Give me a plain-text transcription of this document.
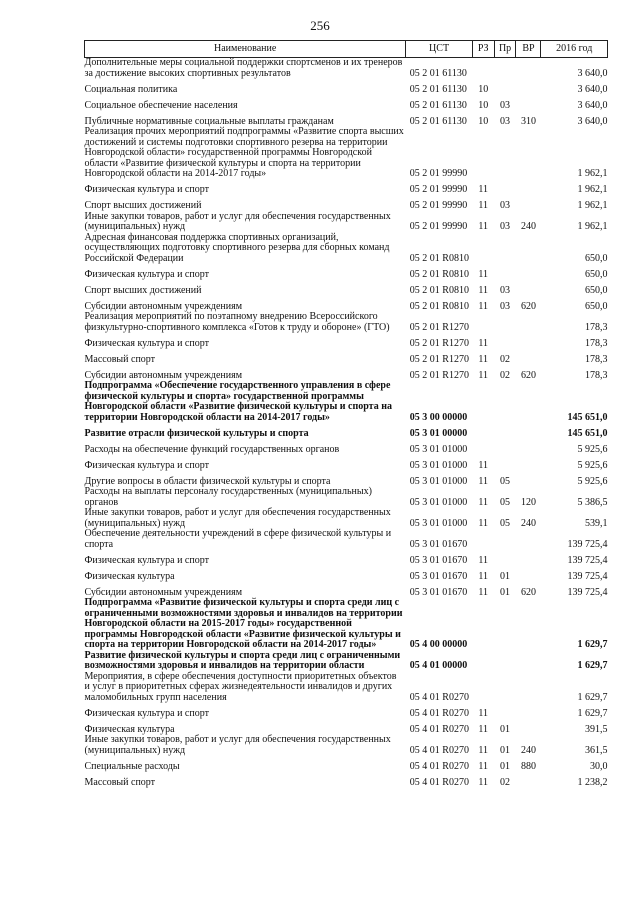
256
Наименование	ЦСТ	РЗ	Пр	ВР	2016 год
Дополнительные меры социальной поддержки спортсменов и их тренеров за достижение высоких спортивных результатов	05 2 01 61130				3 640,0
Социальная политика	05 2 01 61130	10			3 640,0
Социальное обеспечение населения	05 2 01 61130	10	03		3 640,0
Публичные нормативные социальные выплаты гражданам	05 2 01 61130	10	03	310	3 640,0
Реализация прочих мероприятий подпрограммы «Развитие спорта высших достижений и системы подготовки спортивного резерва на территории Новгородской области» государственной программы Новгородской области «Развитие физической культуры и спорта на территории Новгородской области на 2014-2017 годы»	05 2 01 99990				1 962,1
Физическая культура и спорт	05 2 01 99990	11			1 962,1
Спорт высших достижений	05 2 01 99990	11	03		1 962,1
Иные закупки товаров, работ и услуг для обеспечения государственных (муниципальных) нужд	05 2 01 99990	11	03	240	1 962,1
Адресная финансовая поддержка спортивных организаций, осуществляющих подготовку спортивного резерва для сборных команд Российской Федерации	05 2 01 R0810				650,0
Физическая культура и спорт	05 2 01 R0810	11			650,0
Спорт высших достижений	05 2 01 R0810	11	03		650,0
Субсидии автономным учреждениям	05 2 01 R0810	11	03	620	650,0
Реализация мероприятий по поэтапному внедрению Всероссийского физкультурно-спортивного комплекса «Готов к труду и обороне» (ГТО)	05 2 01 R1270				178,3
Физическая культура и спорт	05 2 01 R1270	11			178,3
Массовый спорт	05 2 01 R1270	11	02		178,3
Субсидии автономным учреждениям	05 2 01 R1270	11	02	620	178,3
Подпрограмма «Обеспечение государственного управления в сфере физической культуры и спорта» государственной программы Новгородской области «Развитие физической культуры и спорта на территории Новгородской области на 2014-2017 годы»	05 3 00 00000				145 651,0
Развитие отрасли физической культуры и спорта	05 3 01 00000				145 651,0
Расходы на обеспечение функций государственных органов	05 3 01 01000				5 925,6
Физическая культура и спорт	05 3 01 01000	11			5 925,6
Другие вопросы в области физической культуры и спорта	05 3 01 01000	11	05		5 925,6
Расходы на выплаты персоналу государственных (муниципальных) органов	05 3 01 01000	11	05	120	5 386,5
Иные закупки товаров, работ и услуг для обеспечения государственных (муниципальных) нужд	05 3 01 01000	11	05	240	539,1
Обеспечение деятельности учреждений в сфере физической культуры и спорта	05 3 01 01670				139 725,4
Физическая культура и спорт	05 3 01 01670	11			139 725,4
Физическая культура	05 3 01 01670	11	01		139 725,4
Субсидии автономным учреждениям	05 3 01 01670	11	01	620	139 725,4
Подпрограмма «Развитие физической культуры и спорта среди лиц с ограниченными возможностями здоровья и инвалидов на территории Новгородской области на 2015-2017 годы» государственной программы Новгородской области «Развитие физической культуры и спорта на территории Новгородской области на 2014-2017 годы»	05 4 00 00000				1 629,7
Развитие физической культуры и спорта среди лиц с ограниченными возможностями здоровья и инвалидов на территории области	05 4 01 00000				1 629,7
Мероприятия, в сфере обеспечения доступности приоритетных объектов и услуг в приоритетных сферах жизнедеятельности инвалидов и других маломобильных групп населения	05 4 01 R0270				1 629,7
Физическая культура и спорт	05 4 01 R0270	11			1 629,7
Физическая культура	05 4 01 R0270	11	01		391,5
Иные закупки товаров, работ и услуг для обеспечения государственных (муниципальных) нужд	05 4 01 R0270	11	01	240	361,5
Специальные расходы	05 4 01 R0270	11	01	880	30,0
Массовый спорт	05 4 01 R0270	11	02		1 238,2
